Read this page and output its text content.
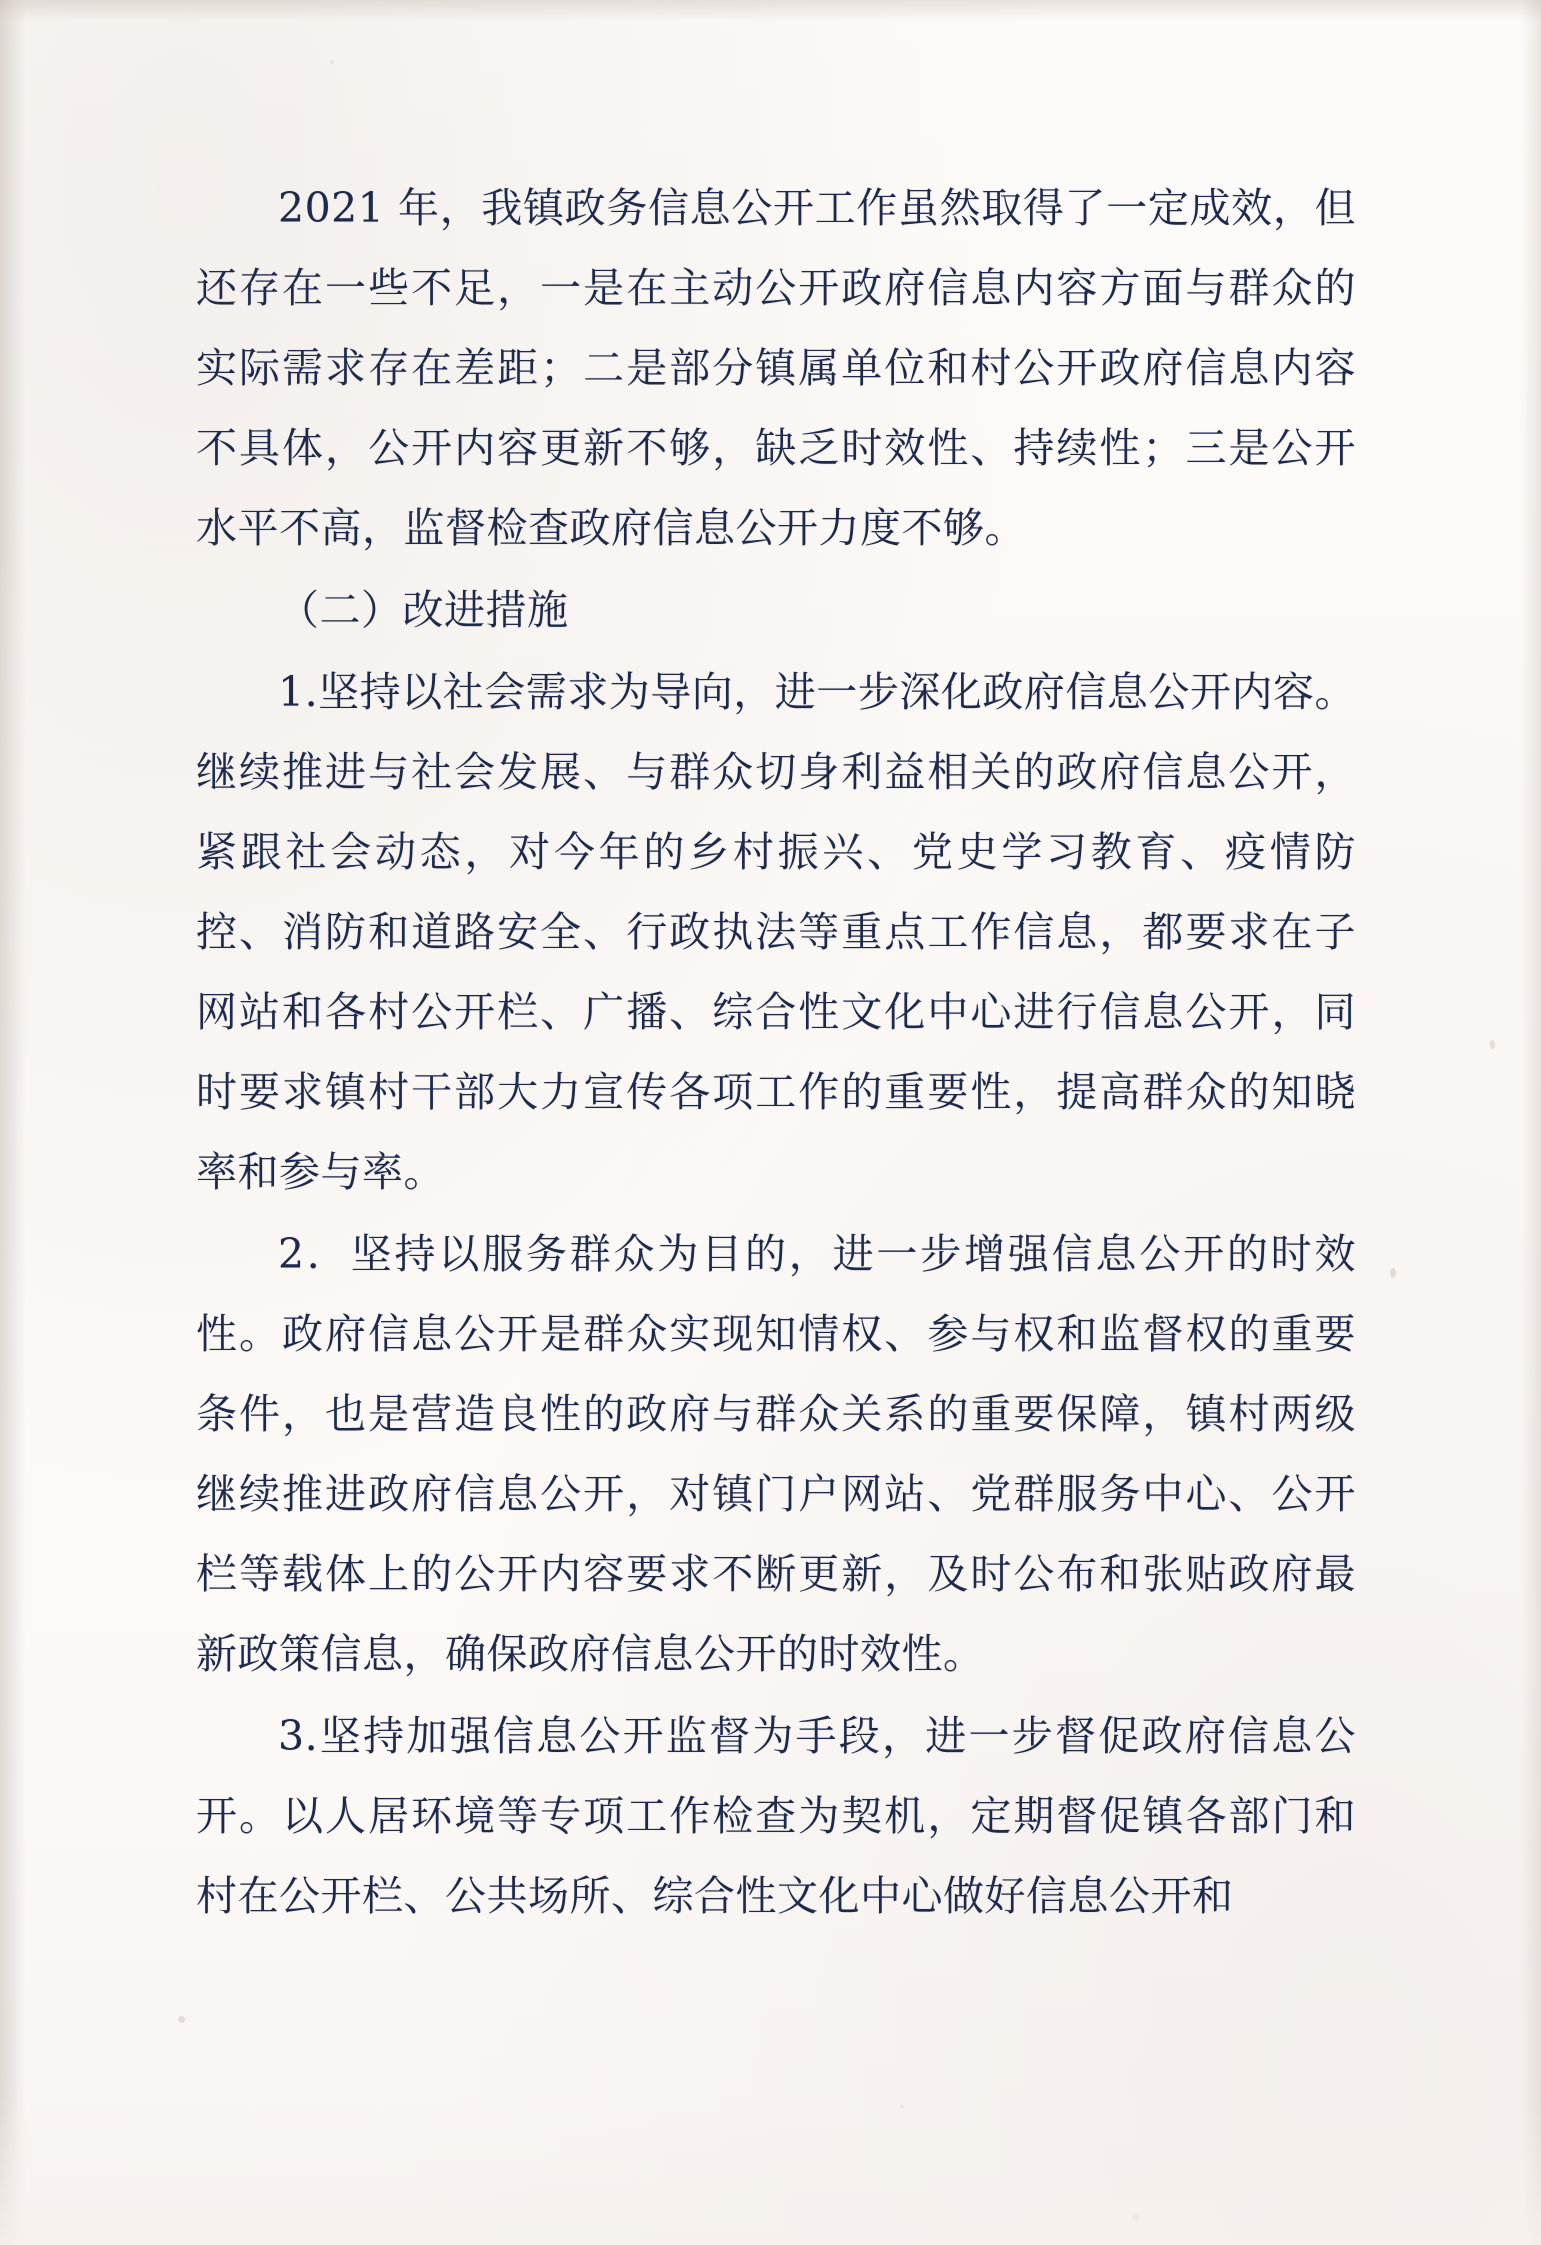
2021 年，我镇政务信息公开工作虽然取得了一定成效，但还存在一些不足，一是在主动公开政府信息内容方面与群众的实际需求存在差距；二是部分镇属单位和村公开政府信息内容不具体，公开内容更新不够，缺乏时效性、持续性；三是公开水平不高，监督检查政府信息公开力度不够。

（二）改进措施

1.坚持以社会需求为导向，进一步深化政府信息公开内容。继续推进与社会发展、与群众切身利益相关的政府信息公开，紧跟社会动态，对今年的乡村振兴、党史学习教育、疫情防控、消防和道路安全、行政执法等重点工作信息，都要求在子网站和各村公开栏、广播、综合性文化中心进行信息公开，同时要求镇村干部大力宣传各项工作的重要性，提高群众的知晓率和参与率。

2．坚持以服务群众为目的，进一步增强信息公开的时效性。政府信息公开是群众实现知情权、参与权和监督权的重要条件，也是营造良性的政府与群众关系的重要保障，镇村两级继续推进政府信息公开，对镇门户网站、党群服务中心、公开栏等载体上的公开内容要求不断更新，及时公布和张贴政府最新政策信息，确保政府信息公开的时效性。

3.坚持加强信息公开监督为手段，进一步督促政府信息公开。以人居环境等专项工作检查为契机，定期督促镇各部门和村在公开栏、公共场所、综合性文化中心做好信息公开和
